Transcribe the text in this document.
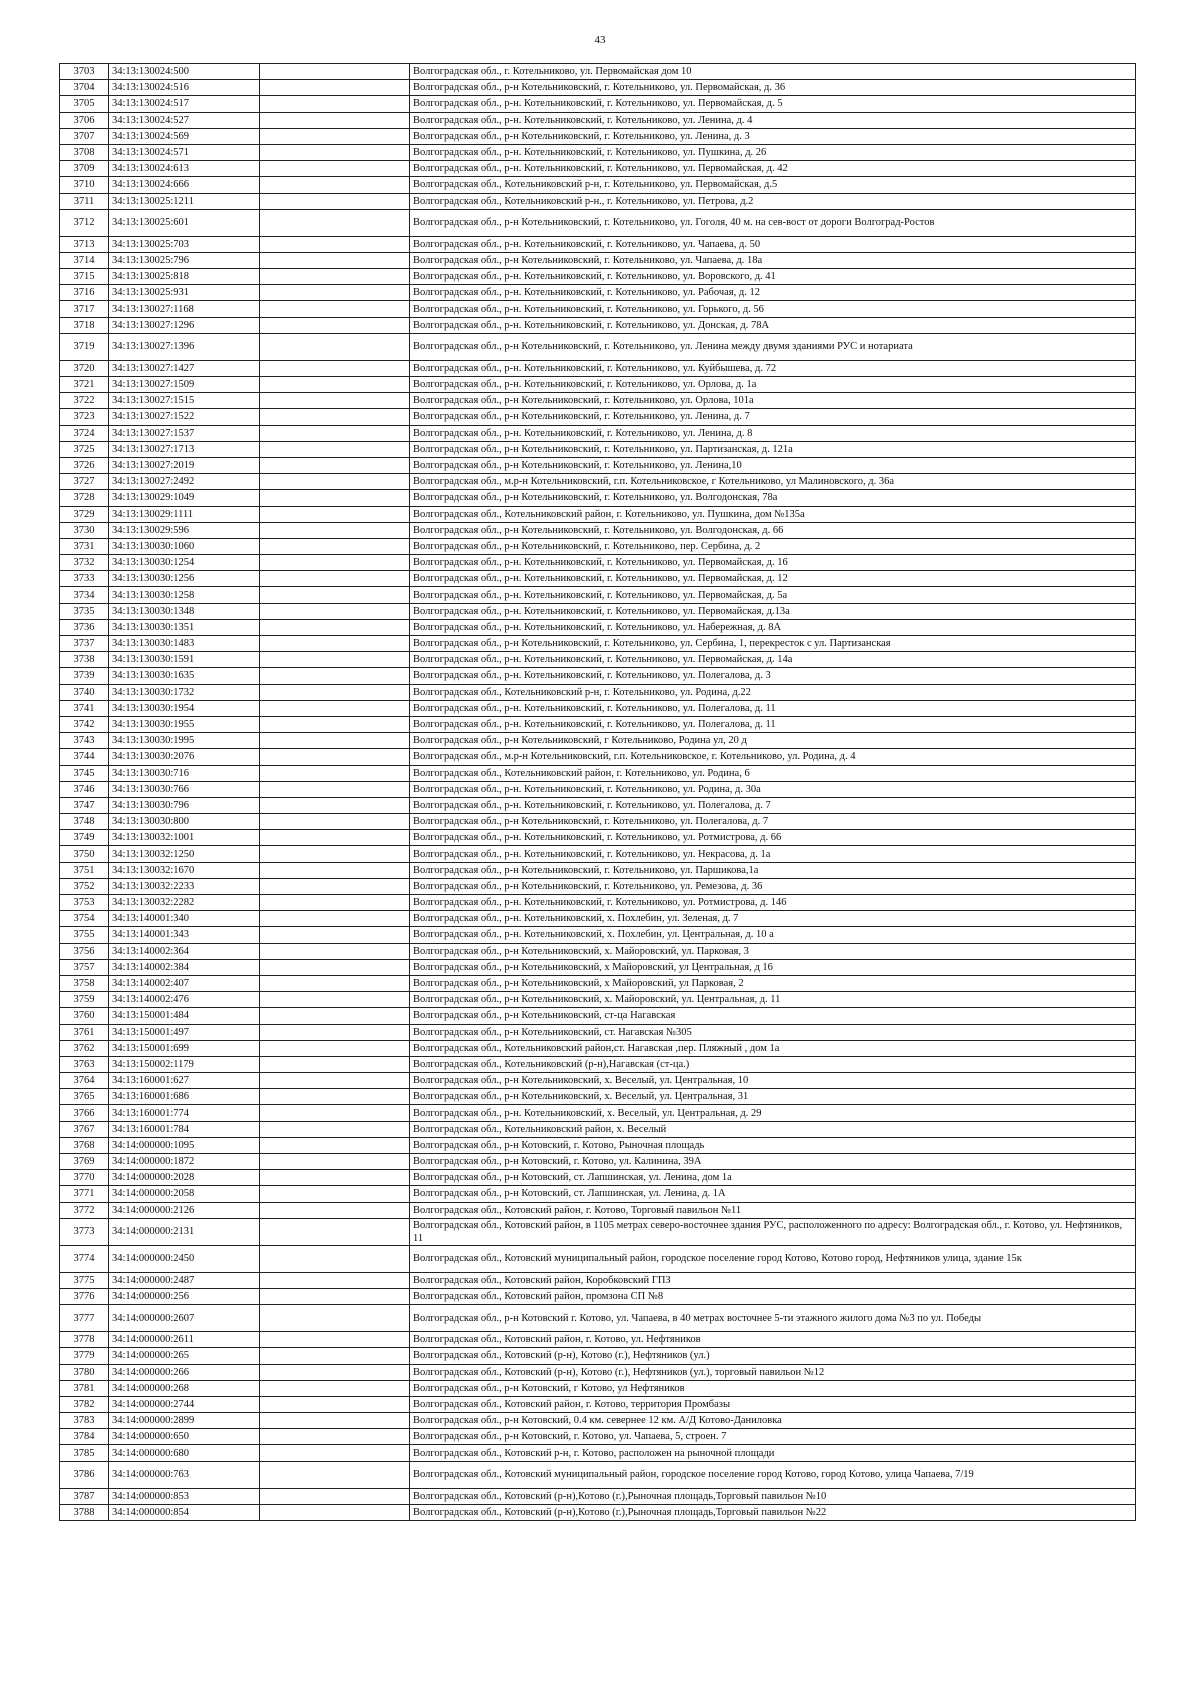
43
3703	34:13:130024:500		Волгоградская обл., г. Котельниково, ул. Первомайская дом 10
3704	34:13:130024:516		Волгоградская обл., р-н Котельниковский, г. Котельниково, ул. Первомайская, д. 36
3705	34:13:130024:517		Волгоградская обл., р-н. Котельниковский, г. Котельниково, ул. Первомайская, д. 5
3706	34:13:130024:527		Волгоградская обл., р-н. Котельниковский, г. Котельниково, ул. Ленина, д. 4
3707	34:13:130024:569		Волгоградская обл., р-н Котельниковский, г. Котельниково, ул. Ленина, д. 3
3708	34:13:130024:571		Волгоградская обл., р-н. Котельниковский, г. Котельниково, ул. Пушкина, д. 26
3709	34:13:130024:613		Волгоградская обл., р-н. Котельниковский, г. Котельниково, ул. Первомайская, д. 42
3710	34:13:130024:666		Волгоградская обл., Котельниковский р-н, г. Котельниково, ул. Первомайская, д.5
3711	34:13:130025:1211		Волгоградская обл., Котельниковский р-н., г. Котельниково, ул. Петрова, д.2
3712	34:13:130025:601		Волгоградская обл., р-н Котельниковский, г. Котельниково, ул. Гоголя, 40 м. на сев-вост от дороги Волгоград-Ростов
3713	34:13:130025:703		Волгоградская обл., р-н. Котельниковский, г. Котельниково, ул. Чапаева, д. 50
3714	34:13:130025:796		Волгоградская обл., р-н Котельниковский, г. Котельниково, ул. Чапаева, д. 18а
3715	34:13:130025:818		Волгоградская обл., р-н. Котельниковский, г. Котельниково, ул. Воровского, д. 41
3716	34:13:130025:931		Волгоградская обл., р-н. Котельниковский, г. Котельниково, ул. Рабочая, д. 12
3717	34:13:130027:1168		Волгоградская обл., р-н. Котельниковский, г. Котельниково, ул. Горького, д. 56
3718	34:13:130027:1296		Волгоградская обл., р-н. Котельниковский, г. Котельниково, ул. Донская, д. 78А
3719	34:13:130027:1396		Волгоградская обл., р-н Котельниковский, г. Котельниково, ул. Ленина между двумя зданиями РУС и нотариата
3720	34:13:130027:1427		Волгоградская обл., р-н. Котельниковский, г. Котельниково, ул. Куйбышева, д. 72
3721	34:13:130027:1509		Волгоградская обл., р-н. Котельниковский, г. Котельниково, ул. Орлова, д. 1а
3722	34:13:130027:1515		Волгоградская обл., р-н Котельниковский, г. Котельниково, ул. Орлова, 101а
3723	34:13:130027:1522		Волгоградская обл., р-н Котельниковский, г. Котельниково, ул. Ленина, д. 7
3724	34:13:130027:1537		Волгоградская обл., р-н. Котельниковский, г. Котельниково, ул. Ленина, д. 8
3725	34:13:130027:1713		Волгоградская обл., р-н Котельниковский, г. Котельниково, ул. Партизанская, д. 121а
3726	34:13:130027:2019		Волгоградская обл., р-н Котельниковский, г. Котельниково, ул. Ленина,10
3727	34:13:130027:2492		Волгоградская обл., м.р-н Котельниковский, г.п. Котельниковское, г Котельниково, ул Малиновского, д. 36а
3728	34:13:130029:1049		Волгоградская обл., р-н Котельниковский, г. Котельниково, ул. Волгодонская, 78а
3729	34:13:130029:1111		Волгоградская обл., Котельниковский район, г. Котельниково, ул. Пушкина, дом №135а
3730	34:13:130029:596		Волгоградская обл., р-н Котельниковский, г. Котельниково, ул. Волгодонская, д. 66
3731	34:13:130030:1060		Волгоградская обл., р-н Котельниковский, г. Котельниково, пер. Сербина, д. 2
3732	34:13:130030:1254		Волгоградская обл., р-н. Котельниковский, г. Котельниково, ул. Первомайская, д. 16
3733	34:13:130030:1256		Волгоградская обл., р-н. Котельниковский, г. Котельниково, ул. Первомайская, д. 12
3734	34:13:130030:1258		Волгоградская обл., р-н. Котельниковский, г. Котельниково, ул. Первомайская, д. 5а
3735	34:13:130030:1348		Волгоградская обл., р-н. Котельниковский, г. Котельниково, ул. Первомайская, д.13а
3736	34:13:130030:1351		Волгоградская обл., р-н. Котельниковский, г. Котельниково, ул. Набережная, д. 8А
3737	34:13:130030:1483		Волгоградская обл., р-н Котельниковский, г. Котельниково, ул. Сербина, 1, перекресток с ул. Партизанская
3738	34:13:130030:1591		Волгоградская обл., р-н. Котельниковский, г. Котельниково, ул. Первомайская, д. 14а
3739	34:13:130030:1635		Волгоградская обл., р-н. Котельниковский, г. Котельниково, ул. Полегалова, д. 3
3740	34:13:130030:1732		Волгоградская обл., Котельниковский р-н, г. Котельниково, ул. Родина, д.22
3741	34:13:130030:1954		Волгоградская обл., р-н. Котельниковский, г. Котельниково, ул. Полегалова, д. 11
3742	34:13:130030:1955		Волгоградская обл., р-н. Котельниковский, г. Котельниково, ул. Полегалова, д. 11
3743	34:13:130030:1995		Волгоградская обл., р-н Котельниковский, г Котельниково, Родина ул, 20 д
3744	34:13:130030:2076		Волгоградская обл., м.р-н Котельниковский, г.п. Котельниковское, г. Котельниково, ул. Родина, д. 4
3745	34:13:130030:716		Волгоградская обл., Котельниковский район, г. Котельниково, ул. Родина, 6
3746	34:13:130030:766		Волгоградская обл., р-н. Котельниковский, г. Котельниково, ул. Родина, д. 30а
3747	34:13:130030:796		Волгоградская обл., р-н. Котельниковский, г. Котельниково, ул. Полегалова, д. 7
3748	34:13:130030:800		Волгоградская обл., р-н Котельниковский, г. Котельниково, ул. Полегалова, д. 7
3749	34:13:130032:1001		Волгоградская обл., р-н. Котельниковский, г. Котельниково, ул. Ротмистрова, д. 66
3750	34:13:130032:1250		Волгоградская обл., р-н. Котельниковский, г. Котельниково, ул. Некрасова, д. 1а
3751	34:13:130032:1670		Волгоградская обл., р-н Котельниковский, г. Котельниково, ул. Паршикова,1а
3752	34:13:130032:2233		Волгоградская обл., р-н Котельниковский, г. Котельниково, ул. Ремезова, д. 36
3753	34:13:130032:2282		Волгоградская обл., р-н. Котельниковский, г. Котельниково, ул. Ротмистрова, д. 146
3754	34:13:140001:340		Волгоградская обл., р-н. Котельниковский, х. Похлебин, ул. Зеленая, д. 7
3755	34:13:140001:343		Волгоградская обл., р-н. Котельниковский, х. Похлебин, ул. Центральная, д. 10 а
3756	34:13:140002:364		Волгоградская обл., р-н Котельниковский, х. Майоровский, ул. Парковая, 3
3757	34:13:140002:384		Волгоградская обл., р-н Котельниковский, х Майоровский, ул Центральная, д 16
3758	34:13:140002:407		Волгоградская обл., р-н Котельниковский, х Майоровский, ул Парковая, 2
3759	34:13:140002:476		Волгоградская обл., р-н Котельниковский, х. Майоровский, ул. Центральная, д. 11
3760	34:13:150001:484		Волгоградская обл., р-н Котельниковский, ст-ца Нагавская
3761	34:13:150001:497		Волгоградская обл., р-н Котельниковский, ст. Нагавская №305
3762	34:13:150001:699		Волгоградская обл., Котельниковский район,ст. Нагавская ,пер. Пляжный , дом 1а
3763	34:13:150002:1179		Волгоградская обл., Котельниковский (р-н),Нагавская (ст-ца.)
3764	34:13:160001:627		Волгоградская обл., р-н Котельниковский, х. Веселый, ул. Центральная, 10
3765	34:13:160001:686		Волгоградская обл., р-н Котельниковский, х. Веселый, ул. Центральная, 31
3766	34:13:160001:774		Волгоградская обл., р-н. Котельниковский, х. Веселый, ул. Центральная, д. 29
3767	34:13:160001:784		Волгоградская обл., Котельниковский район, х. Веселый
3768	34:14:000000:1095		Волгоградская обл., р-н Котовский, г. Котово, Рыночная площадь
3769	34:14:000000:1872		Волгоградская обл., р-н Котовский, г. Котово, ул. Калинина, 39А
3770	34:14:000000:2028		Волгоградская обл., р-н Котовский, ст. Лапшинская, ул. Ленина, дом 1а
3771	34:14:000000:2058		Волгоградская обл., р-н Котовский, ст. Лапшинская, ул. Ленина, д. 1А
3772	34:14:000000:2126		Волгоградская обл., Котовский район, г. Котово, Торговый павильон №11
3773	34:14:000000:2131		Волгоградская обл., Котовский район, в 1105 метрах северо-восточнее здания РУС, расположенного по адресу: Волгоградская обл., г. Котово, ул. Нефтяников, 11
3774	34:14:000000:2450		Волгоградская обл., Котовский муниципальный район, городское поселение город Котово, Котово город, Нефтяников улица, здание 15к
3775	34:14:000000:2487		Волгоградская обл., Котовский район, Коробковский ГПЗ
3776	34:14:000000:256		Волгоградская обл., Котовский район, промзона СП №8
3777	34:14:000000:2607		Волгоградская обл., р-н Котовский г. Котово, ул. Чапаева, в 40 метрах восточнее 5-ти этажного жилого дома №3 по ул. Победы
3778	34:14:000000:2611		Волгоградская обл., Котовский район, г. Котово, ул. Нефтяников
3779	34:14:000000:265		Волгоградская обл., Котовский (р-н), Котово (г.), Нефтяников (ул.)
3780	34:14:000000:266		Волгоградская обл., Котовский (р-н), Котово (г.), Нефтяников (ул.), торговый павильон №12
3781	34:14:000000:268		Волгоградская обл., р-н Котовский, г Котово, ул Нефтяников
3782	34:14:000000:2744		Волгоградская обл., Котовский район, г. Котово, территория Промбазы
3783	34:14:000000:2899		Волгоградская обл., р-н Котовский, 0.4 км. севернее 12 км. А/Д Котово-Даниловка
3784	34:14:000000:650		Волгоградская обл., р-н Котовский, г. Котово, ул. Чапаева, 5, строен. 7
3785	34:14:000000:680		Волгоградская обл., Котовский р-н, г. Котово, расположен на рыночной площади
3786	34:14:000000:763		Волгоградская обл., Котовский муниципальный район, городское поселение город Котово, город Котово, улица Чапаева, 7/19
3787	34:14:000000:853		Волгоградская обл., Котовский (р-н),Котово (г.),Рыночная площадь,Торговый павильон №10
3788	34:14:000000:854		Волгоградская обл., Котовский (р-н),Котово (г.),Рыночная площадь,Торговый павильон №22
